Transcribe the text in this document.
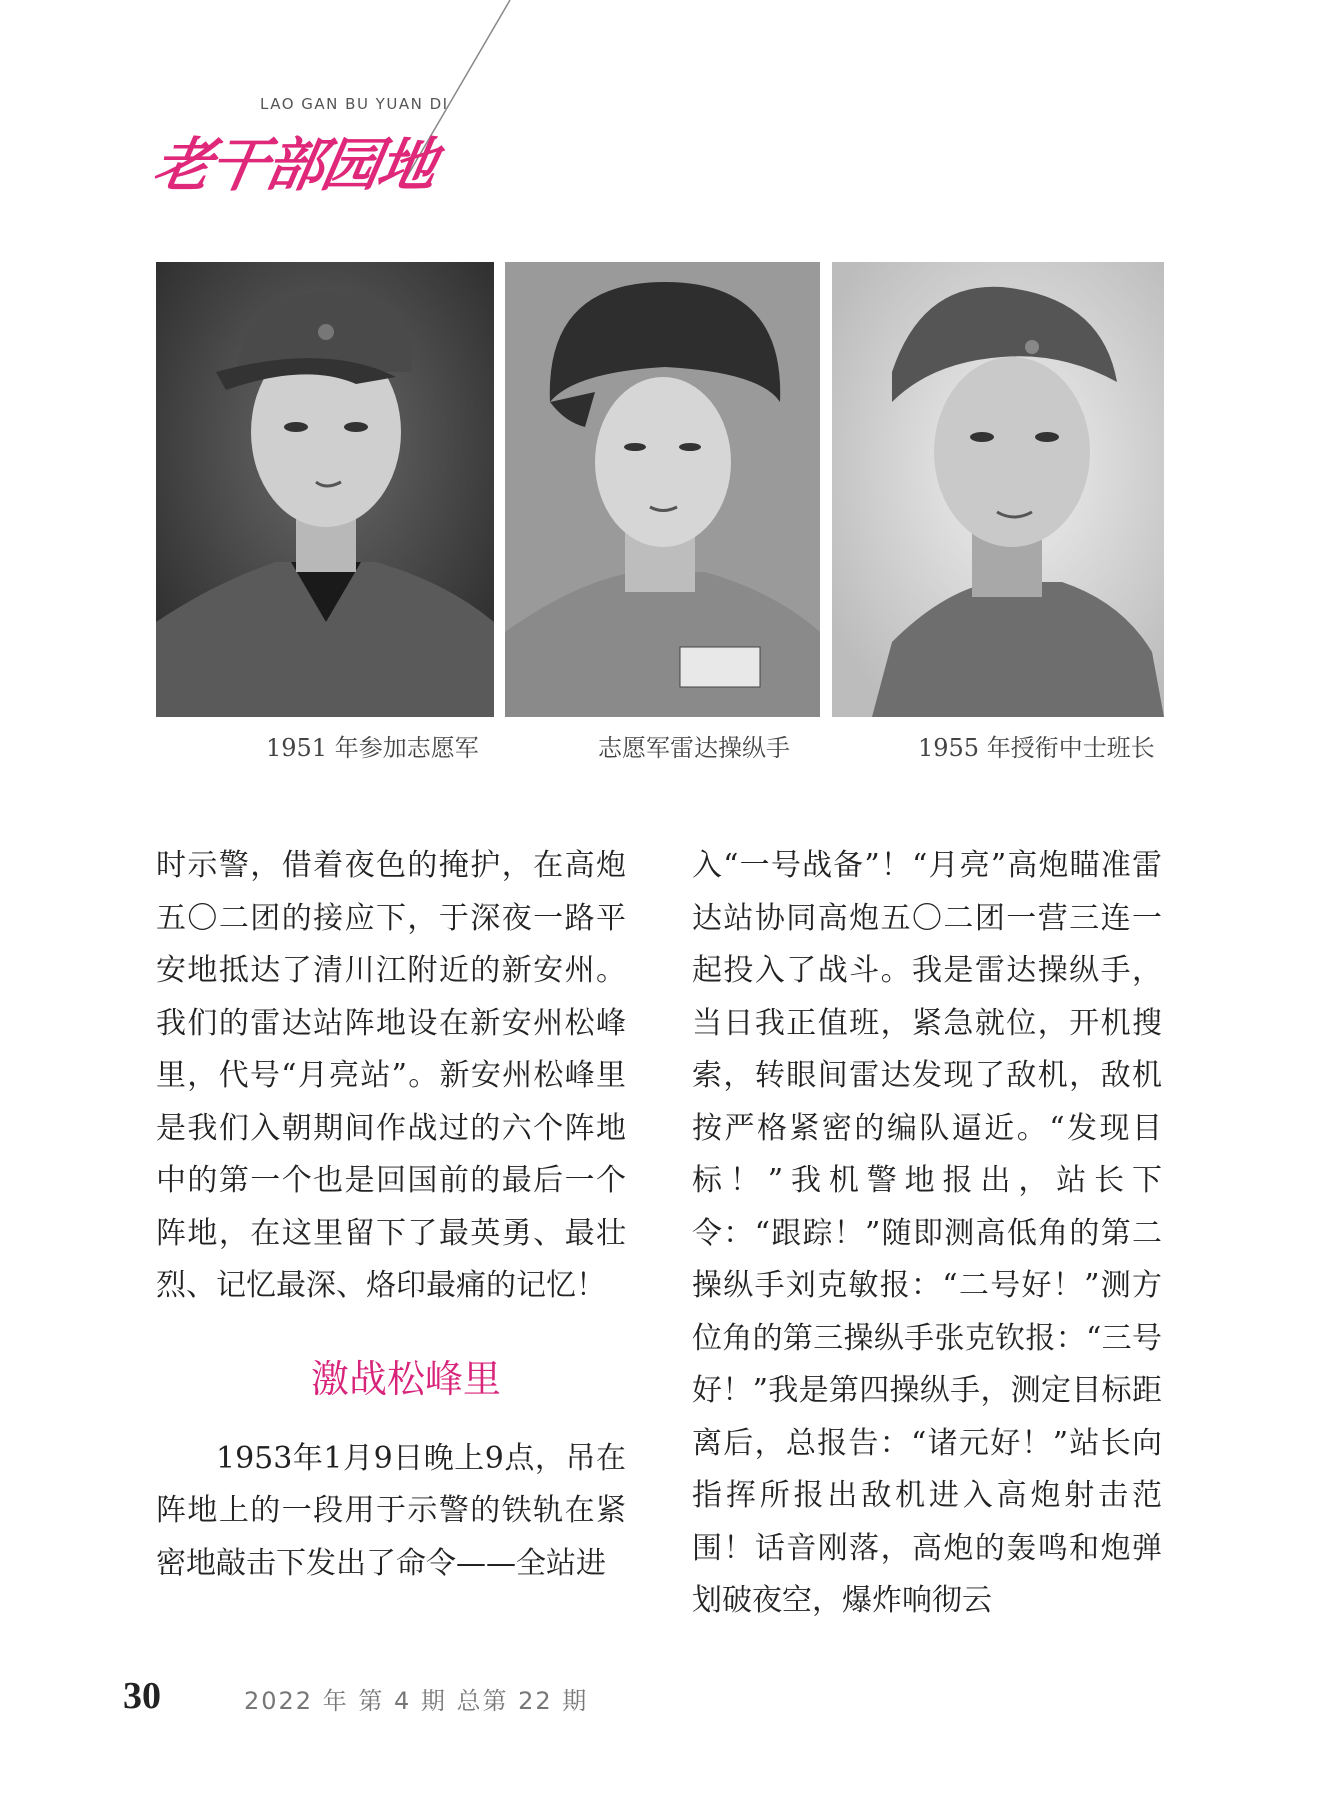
LAO GAN BU YUAN DI
老干部园地
1951 年参加志愿军	志愿军雷达操纵手	1955 年授衔中士班长

时示警，借着夜色的掩护，在高炮五〇二团的接应下，于深夜一路平安地抵达了清川江附近的新安州。我们的雷达站阵地设在新安州松峰里，代号“月亮站”。新安州松峰里是我们入朝期间作战过的六个阵地中的第一个也是回国前的最后一个阵地，在这里留下了最英勇、最壮烈、记忆最深、烙印最痛的记忆！

激战松峰里

1953年1月9日晚上9点，吊在阵地上的一段用于示警的铁轨在紧密地敲击下发出了命令——全站进

入“一号战备”！“月亮”高炮瞄准雷达站协同高炮五〇二团一营三连一起投入了战斗。我是雷达操纵手，当日我正值班，紧急就位，开机搜索，转眼间雷达发现了敌机，敌机按严格紧密的编队逼近。“发现目标！”我机警地报出，站长下令：“跟踪！”随即测高低角的第二操纵手刘克敏报：“二号好！”测方位角的第三操纵手张克钦报：“三号好！”我是第四操纵手，测定目标距离后，总报告：“诸元好！”站长向指挥所报出敌机进入高炮射击范围！话音刚落，高炮的轰鸣和炮弹划破夜空，爆炸响彻云

30	2022 年 第 4 期 总第 22 期
